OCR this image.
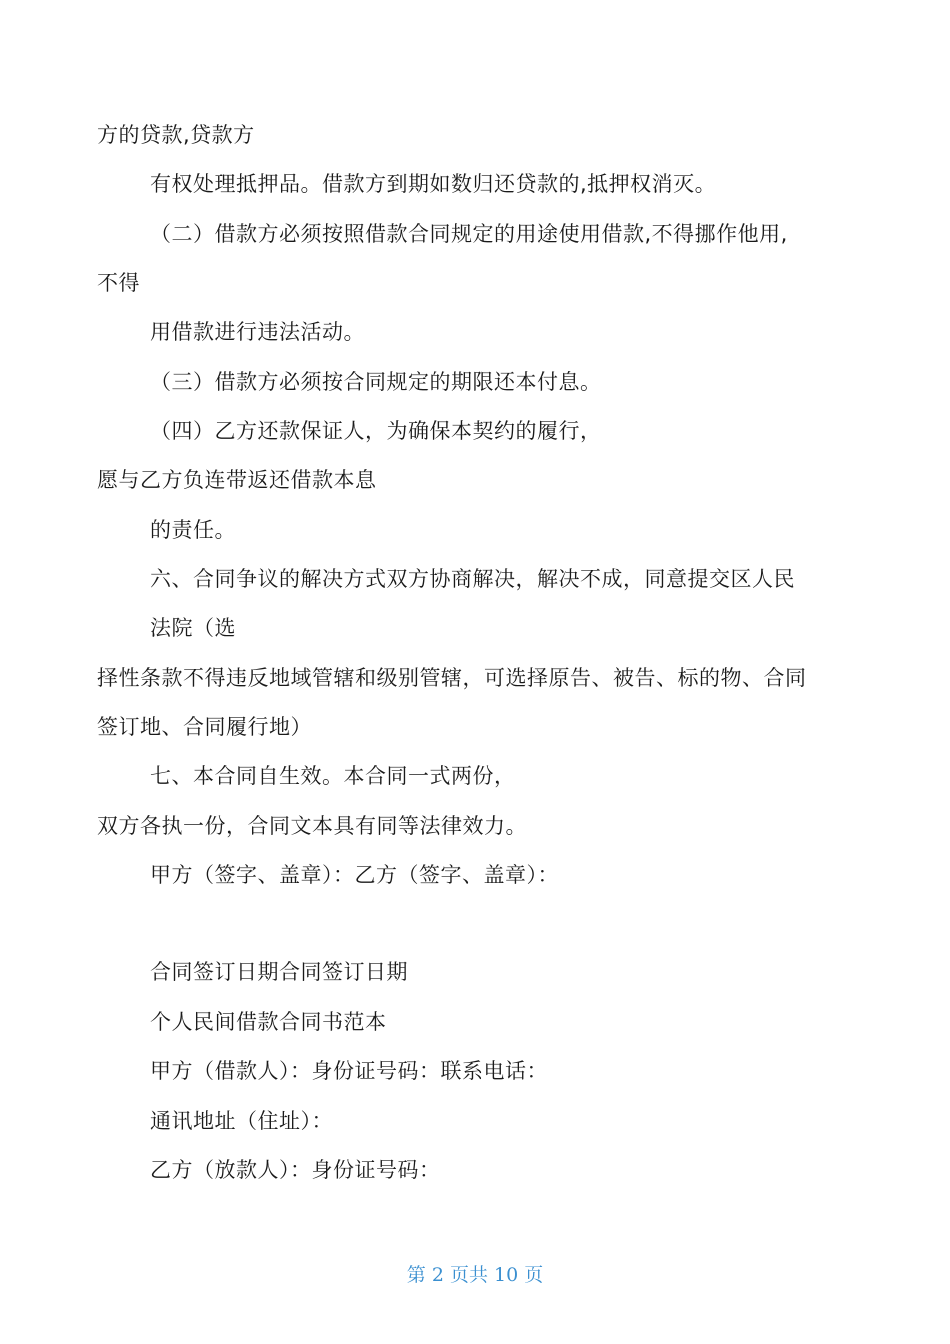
方的贷款,贷款方
有权处理抵押品。借款方到期如数归还贷款的,抵押权消灭。
（二）借款方必须按照借款合同规定的用途使用借款,不得挪作他用,
不得
用借款进行违法活动。
（三）借款方必须按合同规定的期限还本付息。
（四）乙方还款保证人，为确保本契约的履行，
愿与乙方负连带返还借款本息
的责任。
六、合同争议的解决方式双方协商解决，解决不成，同意提交区人民
法院（选
择性条款不得违反地域管辖和级别管辖，可选择原告、被告、标的物、合同
签订地、合同履行地）
七、本合同自生效。本合同一式两份，
双方各执一份，合同文本具有同等法律效力。
甲方（签字、盖章）：乙方（签字、盖章）：
合同签订日期合同签订日期
个人民间借款合同书范本
甲方（借款人）：身份证号码：联系电话：
通讯地址（住址）：
乙方（放款人）：身份证号码：
第 2 页共 10 页
